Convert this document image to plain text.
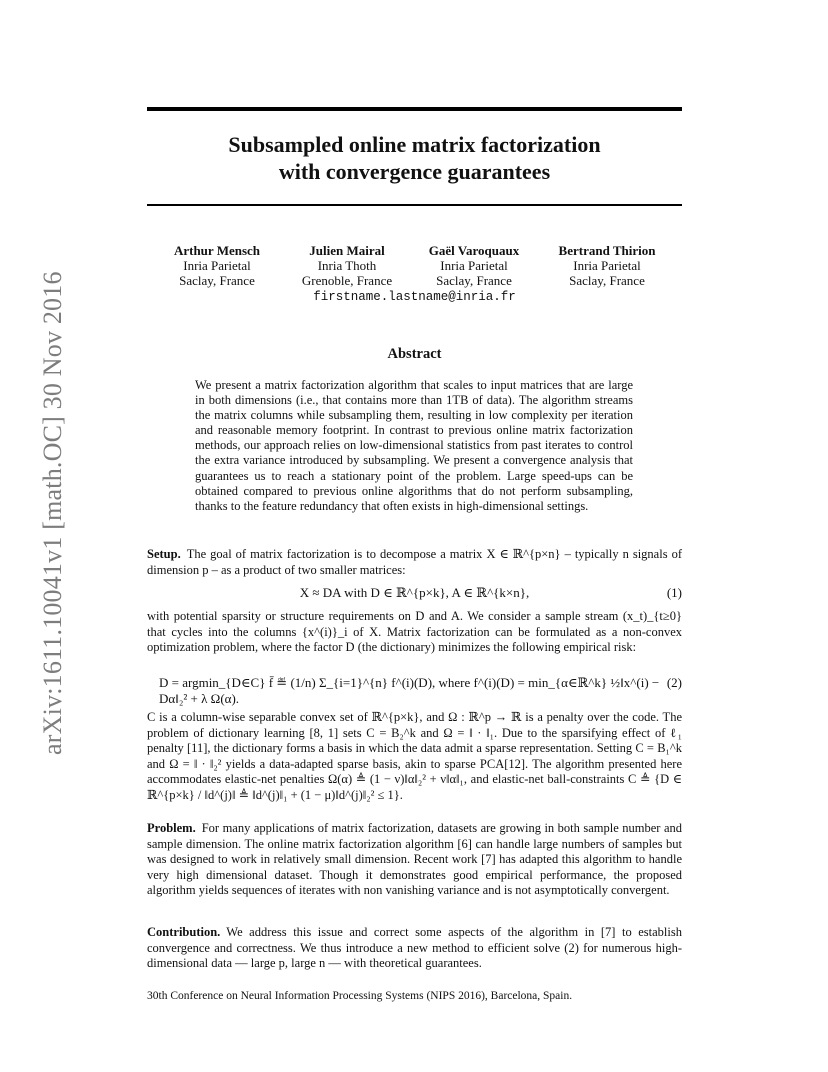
arXiv:1611.10041v1 [math.OC] 30 Nov 2016
Subsampled online matrix factorization
with convergence guarantees
Arthur Mensch
Inria Parietal
Saclay, France
Julien Mairal
Inria Thoth
Grenoble, France
Gaël Varoquaux
Inria Parietal
Saclay, France
Bertrand Thirion
Inria Parietal
Saclay, France
firstname.lastname@inria.fr
Abstract

We present a matrix factorization algorithm that scales to input matrices that are large in both dimensions (i.e., that contains more than 1TB of data). The algorithm streams the matrix columns while subsampling them, resulting in low complexity per iteration and reasonable memory footprint. In contrast to previous online matrix factorization methods, our approach relies on low-dimensional statistics from past iterates to control the extra variance introduced by subsampling. We present a convergence analysis that guarantees us to reach a stationary point of the problem. Large speed-ups can be obtained compared to previous online algorithms that do not perform subsampling, thanks to the feature redundancy that often exists in high-dimensional settings.

Setup. The goal of matrix factorization is to decompose a matrix X ∈ ℝ^{p×n} – typically n signals of dimension p – as a product of two smaller matrices:

X ≈ DA with D ∈ ℝ^{p×k}, A ∈ ℝ^{k×n},	(1)

with potential sparsity or structure requirements on D and A. We consider a sample stream (x_t)_{t≥0} that cycles into the columns {x^(i)}_i of X. Matrix factorization can be formulated as a non-convex optimization problem, where the factor D (the dictionary) minimizes the following empirical risk:

D = argmin_{D∈C} f̄ ≝ (1/n) Σ_{i=1}^{n} f^(i)(D), where f^(i)(D) = min_{α∈ℝ^k} ½‖x^(i) − Dα‖₂² + λ Ω(α).
(2)

C is a column-wise separable convex set of ℝ^{p×k}, and Ω : ℝ^p → ℝ is a penalty over the code. The problem of dictionary learning [8, 1] sets C = B₂^k and Ω = ‖ · ‖₁. Due to the sparsifying effect of ℓ₁ penalty [11], the dictionary forms a basis in which the data admit a sparse representation. Setting C = B₁^k and Ω = ‖ · ‖₂² yields a data-adapted sparse basis, akin to sparse PCA[12]. The algorithm presented here accommodates elastic-net penalties Ω(α) ≜ (1 − ν)‖α‖₂² + ν‖α‖₁, and elastic-net ball-constraints C ≜ {D ∈ ℝ^{p×k} / ‖d^(j)‖ ≜ ‖d^(j)‖₁ + (1 − μ)‖d^(j)‖₂² ≤ 1}.

Problem. For many applications of matrix factorization, datasets are growing in both sample number and sample dimension. The online matrix factorization algorithm [6] can handle large numbers of samples but was designed to work in relatively small dimension. Recent work [7] has adapted this algorithm to handle very high dimensional dataset. Though it demonstrates good empirical performance, the proposed algorithm yields sequences of iterates with non vanishing variance and is not asymptotically convergent.

Contribution. We address this issue and correct some aspects of the algorithm in [7] to establish convergence and correctness. We thus introduce a new method to efficient solve (2) for numerous high-dimensional data — large p, large n — with theoretical guarantees.

30th Conference on Neural Information Processing Systems (NIPS 2016), Barcelona, Spain.
